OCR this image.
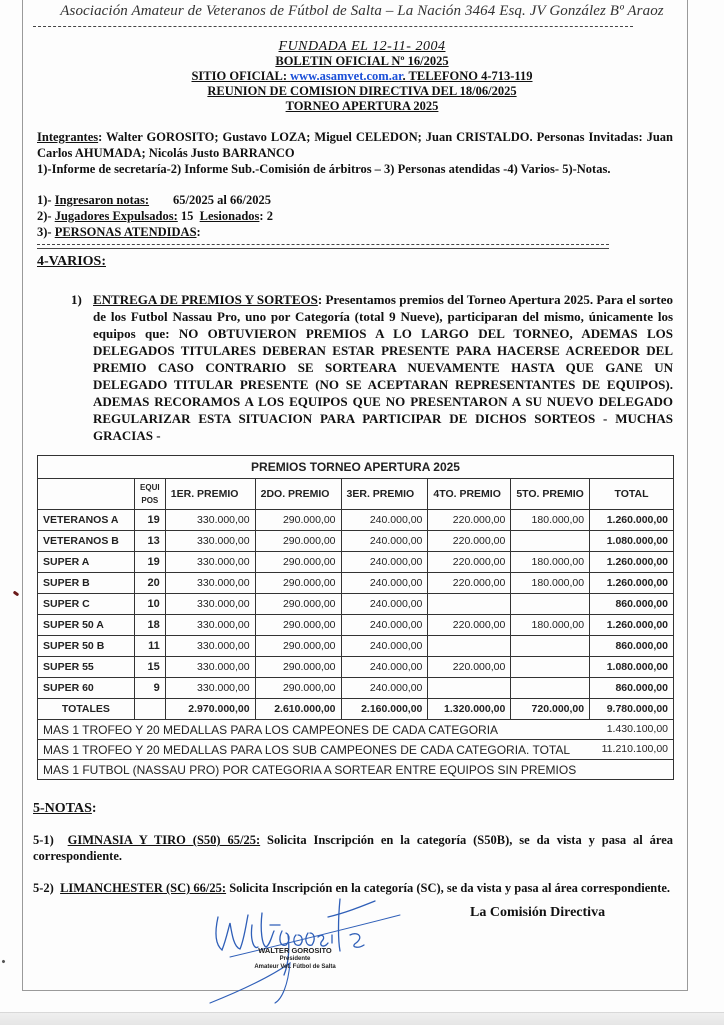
Asociación Amateur de Veteranos de Fútbol de Salta – La Nación 3464 Esq. JV González Bº Araoz
FUNDADA EL 12-11- 2004
BOLETIN OFICIAL Nº 16/2025
SITIO OFICIAL: www.asamvet.com.ar. TELEFONO 4-713-119
REUNION DE COMISION DIRECTIVA DEL 18/06/2025
TORNEO APERTURA 2025
Integrantes: Walter GOROSITO; Gustavo LOZA; Miguel CELEDON; Juan CRISTALDO. Personas Invitadas: Juan Carlos AHUMADA; Nicolás Justo BARRANCO
1)-Informe de secretaría-2) Informe Sub.-Comisión de árbitros – 3) Personas atendidas -4) Varios- 5)-Notas.
1)- Ingresaron notas: 65/2025 al 66/2025
2)- Jugadores Expulsados: 15  Lesionados: 2
3)- PERSONAS ATENDIDAS:
4-VARIOS:
1) ENTREGA DE PREMIOS Y SORTEOS: Presentamos premios del Torneo Apertura 2025. Para el sorteo de los Futbol Nassau Pro, uno por Categoría (total 9 Nueve), participaran del mismo, únicamente los equipos que: NO OBTUVIERON PREMIOS A LO LARGO DEL TORNEO, ADEMAS LOS DELEGADOS TITULARES DEBERAN ESTAR PRESENTE PARA HACERSE ACREEDOR DEL PREMIO CASO CONTRARIO SE SORTEARA NUEVAMENTE HASTA QUE GANE UN DELEGADO TITULAR PRESENTE (NO SE ACEPTARAN REPRESENTANTES DE EQUIPOS). ADEMAS RECORAMOS A LOS EQUIPOS QUE NO PRESENTARON A SU NUEVO DELEGADO REGULARIZAR ESTA SITUACION PARA PARTICIPAR DE DICHOS SORTEOS - MUCHAS GRACIAS -
PREMIOS TORNEO APERTURA 2025							
	EQUI POS	1ER. PREMIO	2DO. PREMIO	3ER. PREMIO	4TO. PREMIO	5TO. PREMIO	TOTAL
VETERANOS A	19	330.000,00	290.000,00	240.000,00	220.000,00	180.000,00	1.260.000,00
VETERANOS B	13	330.000,00	290.000,00	240.000,00	220.000,00		1.080.000,00
SUPER A	19	330.000,00	290.000,00	240.000,00	220.000,00	180.000,00	1.260.000,00
SUPER B	20	330.000,00	290.000,00	240.000,00	220.000,00	180.000,00	1.260.000,00
SUPER C	10	330.000,00	290.000,00	240.000,00			860.000,00
SUPER 50 A	18	330.000,00	290.000,00	240.000,00	220.000,00	180.000,00	1.260.000,00
SUPER 50 B	11	330.000,00	290.000,00	240.000,00			860.000,00
SUPER 55	15	330.000,00	290.000,00	240.000,00	220.000,00		1.080.000,00
SUPER 60	9	330.000,00	290.000,00	240.000,00			860.000,00
TOTALES		2.970.000,00	2.610.000,00	2.160.000,00	1.320.000,00	720.000,00	9.780.000,00
MAS 1 TROFEO Y 20 MEDALLAS PARA LOS CAMPEONES DE CADA CATEGORIA 1.430.100,00							

MAS 1 TROFEO Y 20 MEDALLAS PARA LOS SUB CAMPEONES DE CADA CATEGORIA. TOTAL 11.210.100,00							

MAS 1 FUTBOL (NASSAU PRO) POR CATEGORIA A SORTEAR ENTRE EQUIPOS SIN PREMIOS							
5-NOTAS:
5-1)  GIMNASIA Y TIRO (S50) 65/25: Solicita Inscripción en la categoría (S50B), se da vista y pasa al área correspondiente.
5-2)  LIMANCHESTER (SC) 66/25: Solicita Inscripción en la categoría (SC), se da vista y pasa al área correspondiente.
WALTER GOROSITO
Presidente
Amateur Vet. Fútbol de Salta
La Comisión Directiva
